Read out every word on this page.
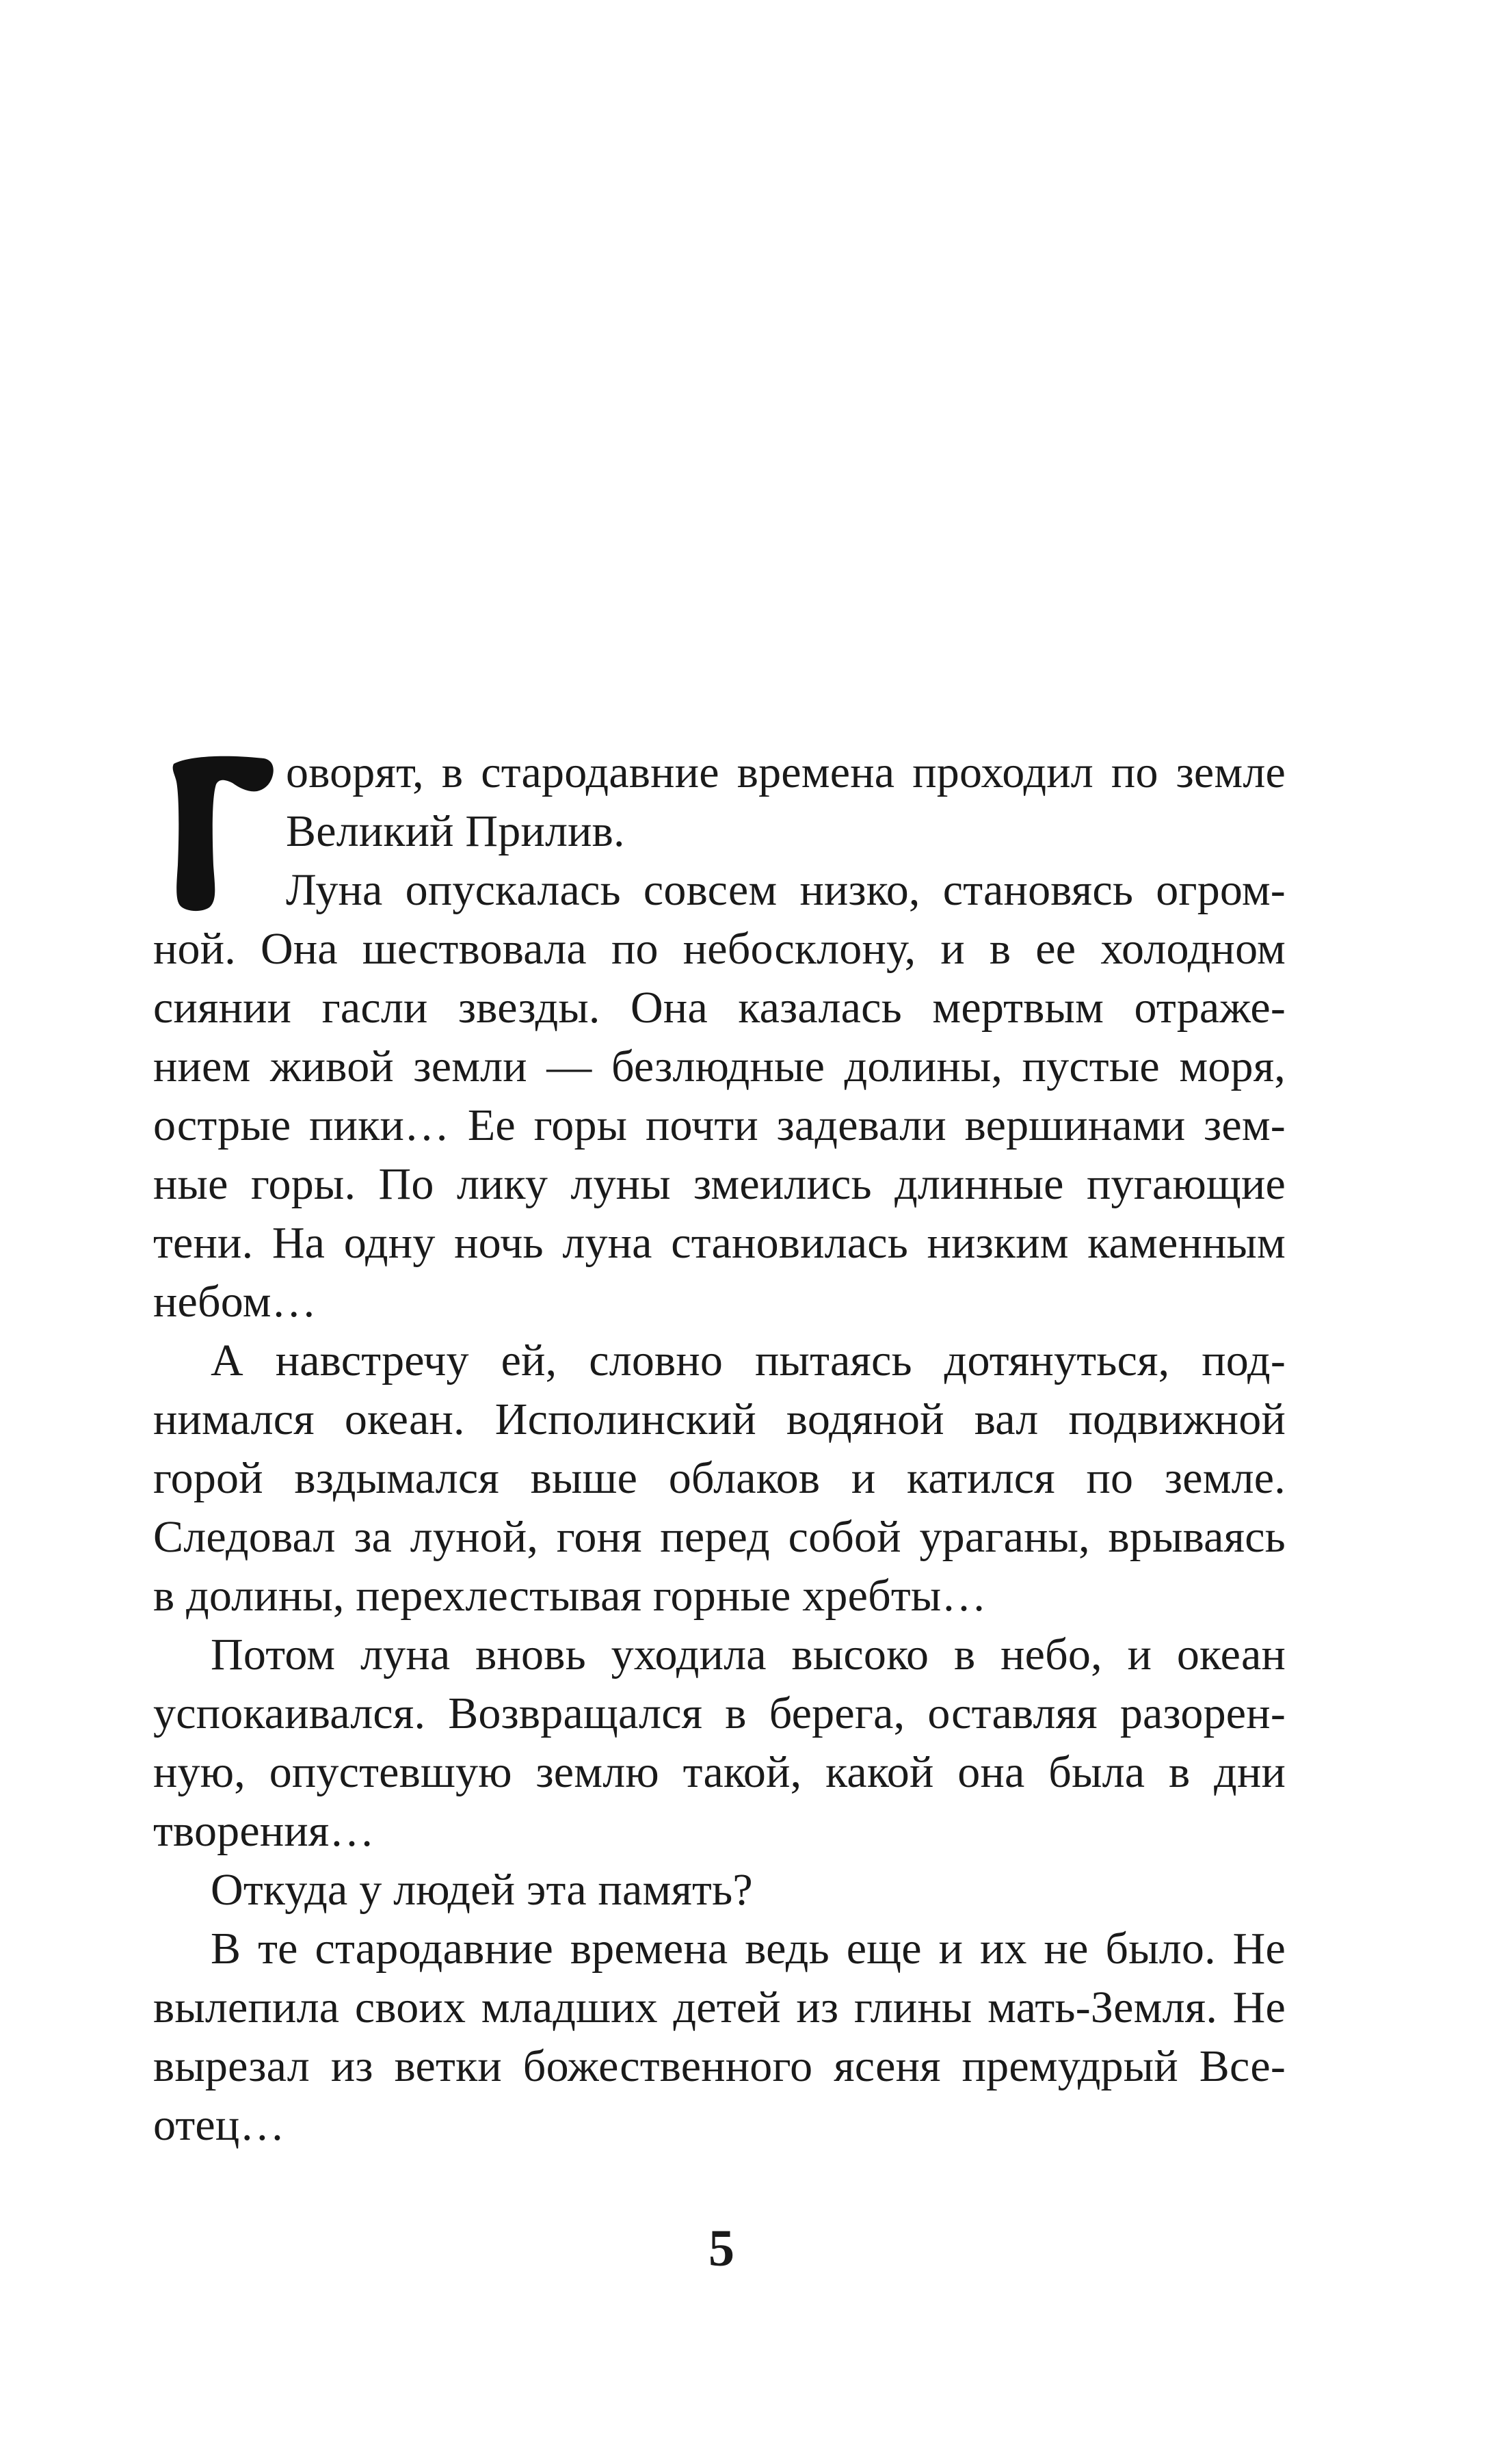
оворят, в стародавние времена проходил по земле
Великий Прилив.
Луна опускалась совсем низко, становясь огром-
ной. Она шествовала по небосклону, и в ее холодном
сиянии гасли звезды. Она казалась мертвым отраже-
нием живой земли — безлюдные долины, пустые моря,
острые пики… Ее горы почти задевали вершинами зем-
ные горы. По лику луны змеились длинные пугающие
тени. На одну ночь луна становилась низким каменным
небом…
А навстречу ей, словно пытаясь дотянуться, под-
нимался океан. Исполинский водяной вал подвижной
горой вздымался выше облаков и катился по земле.
Следовал за луной, гоня перед собой ураганы, врываясь
в долины, перехлестывая горные хребты…
Потом луна вновь уходила высоко в небо, и океан
успокаивался. Возвращался в берега, оставляя разорен-
ную, опустевшую землю такой, какой она была в дни
творения…
Откуда у людей эта память?
В те стародавние времена ведь еще и их не было. Не
вылепила своих младших детей из глины мать-Земля. Не
вырезал из ветки божественного ясеня премудрый Все-
отец…
5
